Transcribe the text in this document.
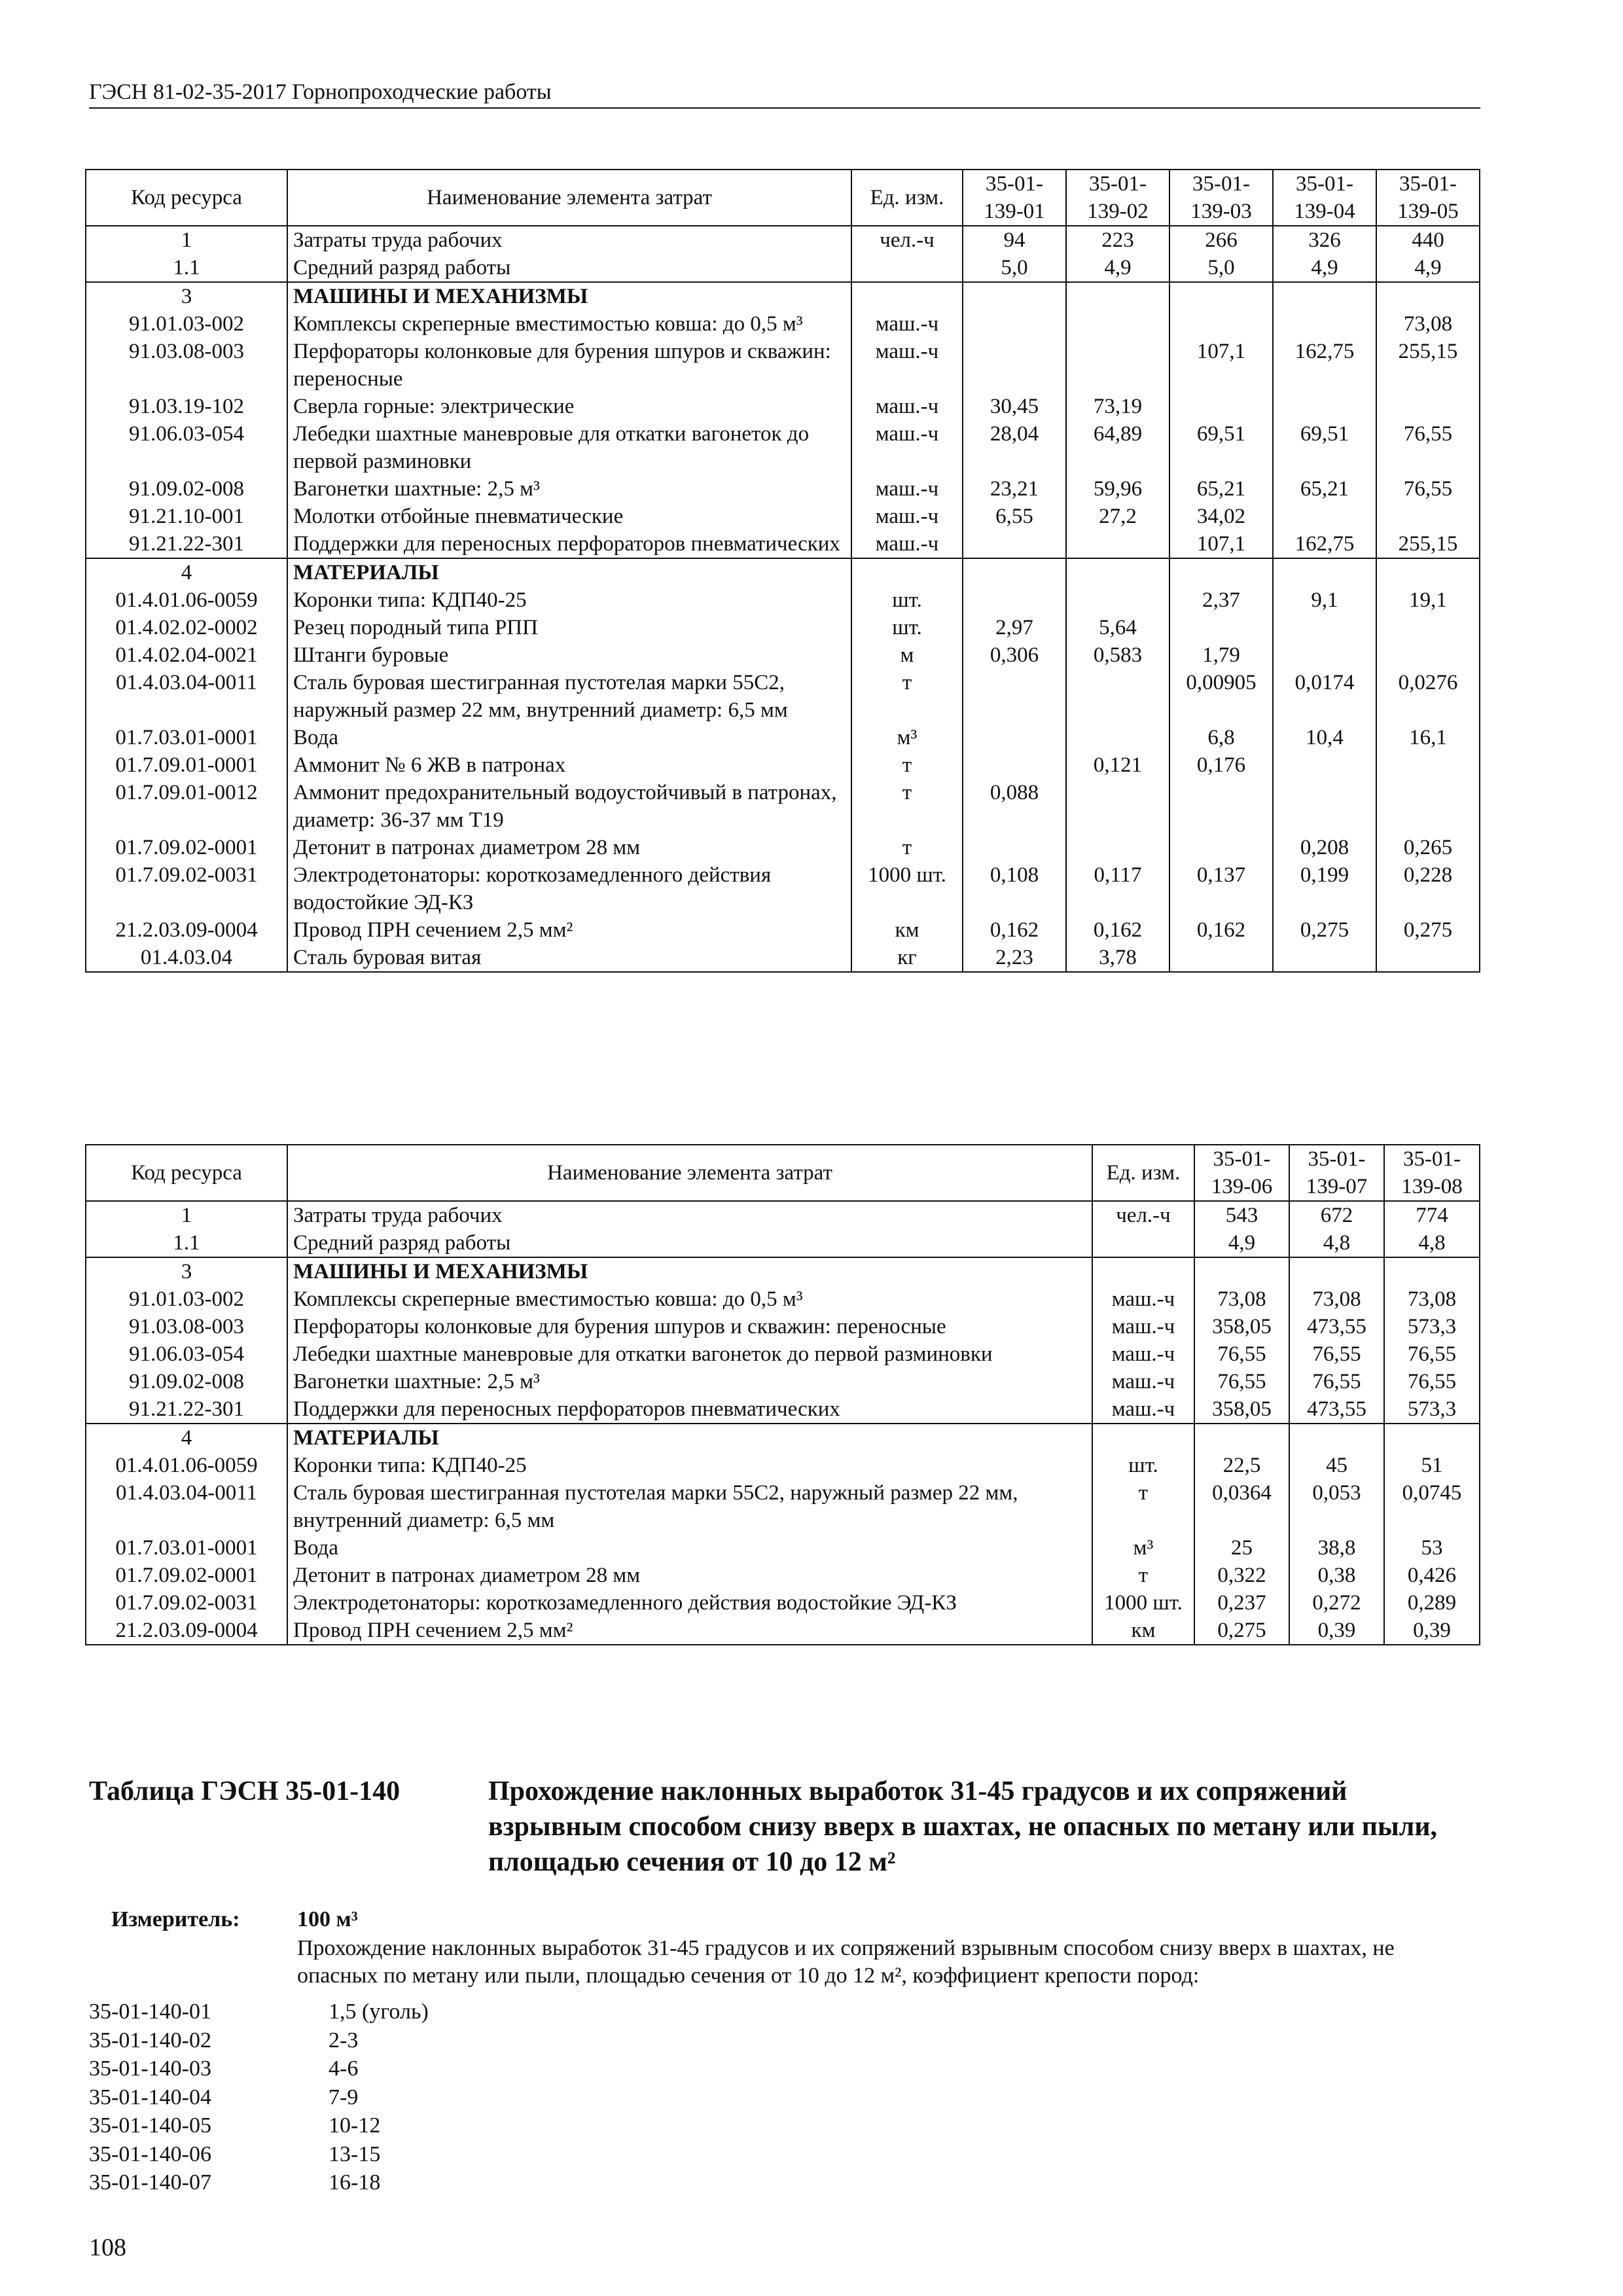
ГЭСН 81-02-35-2017 Горнопроходческие работы
Код ресурса	Наименование элемента затрат	Ед. изм.	35-01-139-01	35-01-139-02	35-01-139-03	35-01-139-04	35-01-139-05
1	Затраты труда рабочих	чел.-ч	94	223	266	326	440
1.1	Средний разряд работы		5,0	4,9	5,0	4,9	4,9
3	МАШИНЫ И МЕХАНИЗМЫ						
91.01.03-002	Комплексы скреперные вместимостью ковша: до 0,5 м³	маш.-ч					73,08
91.03.08-003	Перфораторы колонковые для бурения шпуров и скважин: переносные	маш.-ч			107,1	162,75	255,15
91.03.19-102	Сверла горные: электрические	маш.-ч	30,45	73,19			
91.06.03-054	Лебедки шахтные маневровые для откатки вагонеток до первой разминовки	маш.-ч	28,04	64,89	69,51	69,51	76,55
91.09.02-008	Вагонетки шахтные: 2,5 м³	маш.-ч	23,21	59,96	65,21	65,21	76,55
91.21.10-001	Молотки отбойные пневматические	маш.-ч	6,55	27,2	34,02		
91.21.22-301	Поддержки для переносных перфораторов пневматических	маш.-ч			107,1	162,75	255,15
4	МАТЕРИАЛЫ						
01.4.01.06-0059	Коронки типа: КДП40-25	шт.			2,37	9,1	19,1
01.4.02.02-0002	Резец породный типа РПП	шт.	2,97	5,64			
01.4.02.04-0021	Штанги буровые	м	0,306	0,583	1,79		
01.4.03.04-0011	Сталь буровая шестигранная пустотелая марки 55С2, наружный размер 22 мм, внутренний диаметр: 6,5 мм	т			0,00905	0,0174	0,0276
01.7.03.01-0001	Вода	м³			6,8	10,4	16,1
01.7.09.01-0001	Аммонит № 6 ЖВ в патронах	т		0,121	0,176		
01.7.09.01-0012	Аммонит предохранительный водоустойчивый в патронах, диаметр: 36-37 мм Т19	т	0,088				
01.7.09.02-0001	Детонит в патронах диаметром 28 мм	т				0,208	0,265
01.7.09.02-0031	Электродетонаторы: короткозамедленного действия водостойкие ЭД-КЗ	1000 шт.	0,108	0,117	0,137	0,199	0,228
21.2.03.09-0004	Провод ПРН сечением 2,5 мм²	км	0,162	0,162	0,162	0,275	0,275
01.4.03.04	Сталь буровая витая	кг	2,23	3,78			
Код ресурса	Наименование элемента затрат	Ед. изм.	35-01-139-06	35-01-139-07	35-01-139-08
1	Затраты труда рабочих	чел.-ч	543	672	774
1.1	Средний разряд работы		4,9	4,8	4,8
3	МАШИНЫ И МЕХАНИЗМЫ				
91.01.03-002	Комплексы скреперные вместимостью ковша: до 0,5 м³	маш.-ч	73,08	73,08	73,08
91.03.08-003	Перфораторы колонковые для бурения шпуров и скважин: переносные	маш.-ч	358,05	473,55	573,3
91.06.03-054	Лебедки шахтные маневровые для откатки вагонеток до первой разминовки	маш.-ч	76,55	76,55	76,55
91.09.02-008	Вагонетки шахтные: 2,5 м³	маш.-ч	76,55	76,55	76,55
91.21.22-301	Поддержки для переносных перфораторов пневматических	маш.-ч	358,05	473,55	573,3
4	МАТЕРИАЛЫ				
01.4.01.06-0059	Коронки типа: КДП40-25	шт.	22,5	45	51
01.4.03.04-0011	Сталь буровая шестигранная пустотелая марки 55С2, наружный размер 22 мм, внутренний диаметр: 6,5 мм	т	0,0364	0,053	0,0745
01.7.03.01-0001	Вода	м³	25	38,8	53
01.7.09.02-0001	Детонит в патронах диаметром 28 мм	т	0,322	0,38	0,426
01.7.09.02-0031	Электродетонаторы: короткозамедленного действия водостойкие ЭД-КЗ	1000 шт.	0,237	0,272	0,289
21.2.03.09-0004	Провод ПРН сечением 2,5 мм²	км	0,275	0,39	0,39
Таблица ГЭСН 35-01-140	Прохождение наклонных выработок 31-45 градусов и их сопряжений взрывным способом снизу вверх в шахтах, не опасных по метану или пыли, площадью сечения от 10 до 12 м²
Измеритель:	100 м³
Прохождение наклонных выработок 31-45 градусов и их сопряжений взрывным способом снизу вверх в шахтах, не опасных по метану или пыли, площадью сечения от 10 до 12 м², коэффициент крепости пород:
35-01-140-01	1,5 (уголь)
35-01-140-02	2-3
35-01-140-03	4-6
35-01-140-04	7-9
35-01-140-05	10-12
35-01-140-06	13-15
35-01-140-07	16-18
108
